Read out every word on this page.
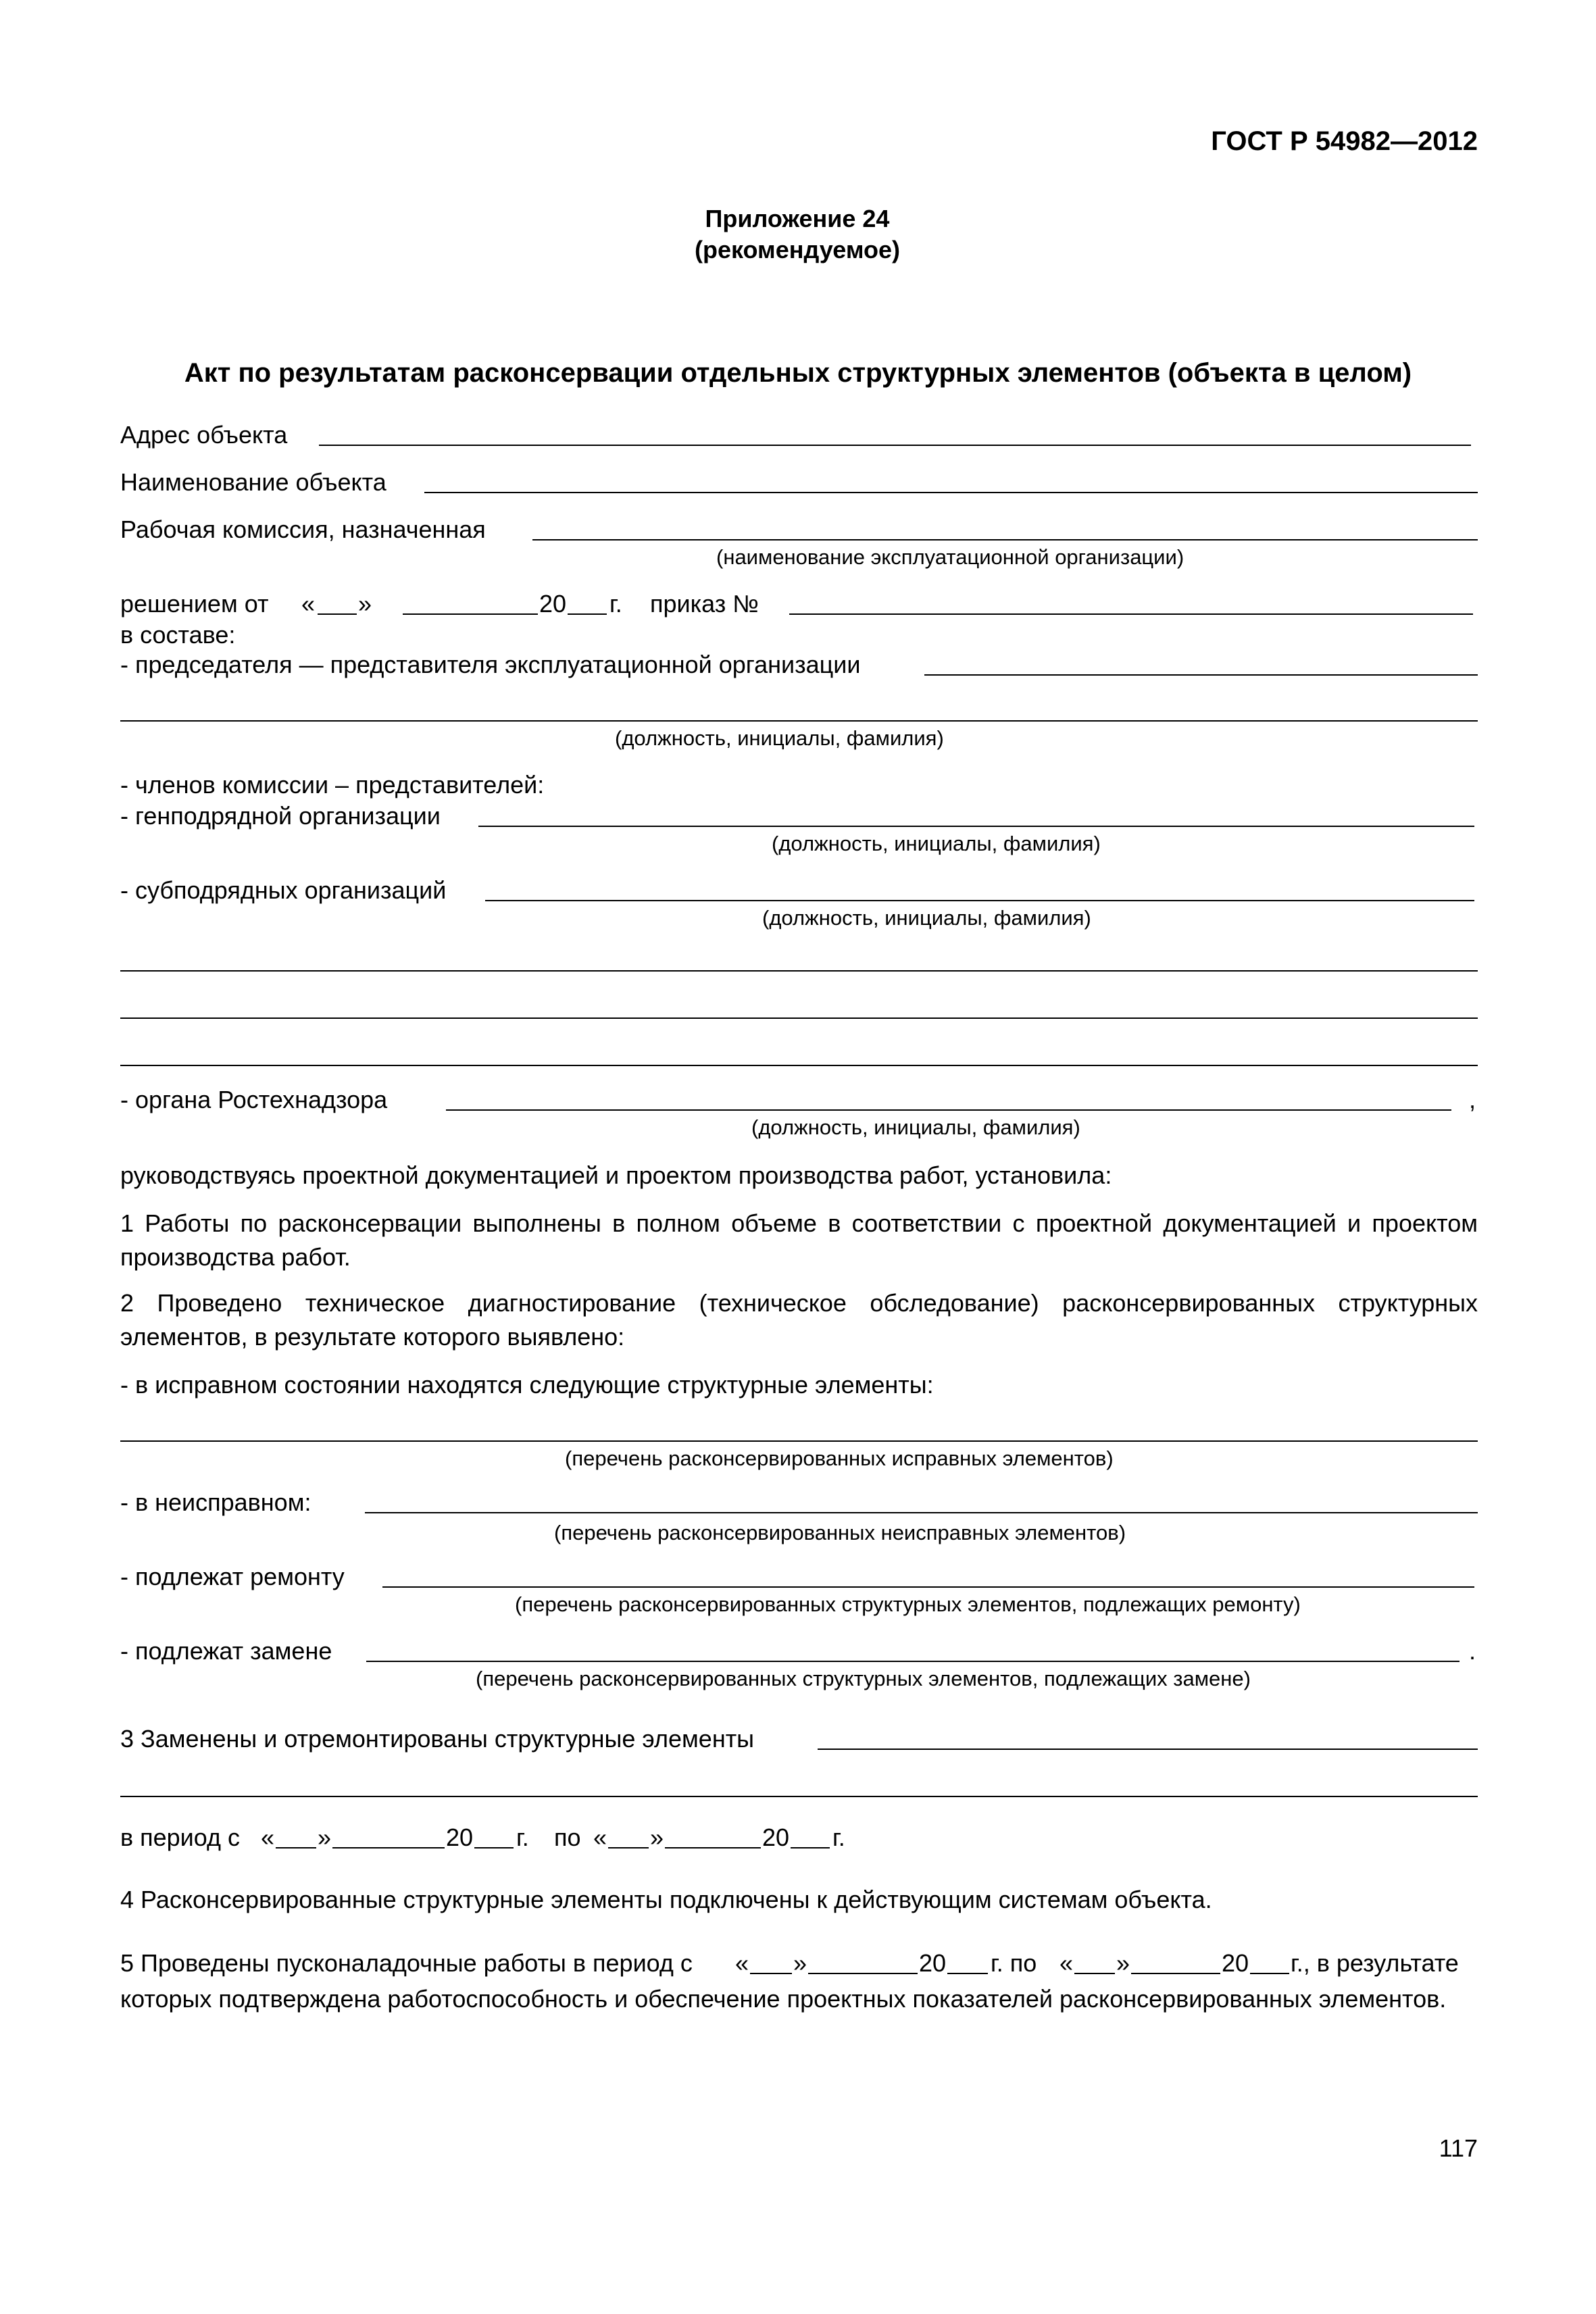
ГОСТ Р 54982—2012
Приложение 24
(рекомендуемое)
Акт по результатам расконсервации отдельных структурных элементов (объекта в целом)
Адрес объекта
Наименование объекта
Рабочая комиссия, назначенная
(наименование эксплуатационной организации)
решением от « »	20 г. приказ №
в составе:
- председателя — представителя эксплуатационной организации
(должность, инициалы, фамилия)
- членов комиссии – представителей:
- генподрядной организации
(должность, инициалы, фамилия)
- субподрядных организаций
(должность, инициалы, фамилия)
- органа Ростехнадзора	,
(должность, инициалы, фамилия)
руководствуясь проектной документацией и проектом производства работ, установила:
1 Работы по расконсервации выполнены в полном объеме в соответствии с проектной документацией и проектом производства работ.
2 Проведено техническое диагностирование (техническое обследование) расконсервированных структурных элементов, в результате которого выявлено:
- в исправном состоянии находятся следующие структурные элементы:
(перечень расконсервированных исправных элементов)
- в неисправном:
(перечень расконсервированных неисправных элементов)
- подлежат ремонту
(перечень расконсервированных структурных элементов, подлежащих ремонту)
- подлежат замене	.
(перечень расконсервированных структурных элементов, подлежащих замене)
3 Заменены и отремонтированы структурные элементы
в период с « »	20 г. по « »	20 г.
4 Расконсервированные структурные элементы подключены к действующим системам объекта.
5 Проведены пусконаладочные работы в период с « »	20 г. по « »	20 г., в результате
которых подтверждена работоспособность и обеспечение проектных показателей расконсервированных элементов.
117
